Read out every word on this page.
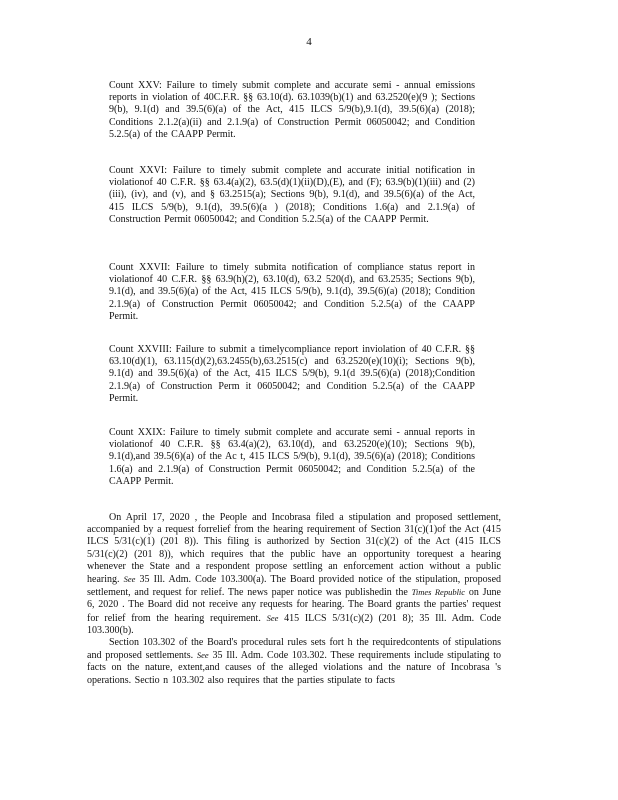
4
Count XXV: Failure to timely submit complete and accurate semi - annual emissions reports in violation of 40C.F.R. §§ 63.10(d). 63.1039(b)(1) and 63.2520(e)(9 ); Sections 9(b), 9.1(d) and 39.5(6)(a) of the Act, 415 ILCS 5/9(b),9.1(d), 39.5(6)(a) (2018); Conditions 2.1.2(a)(ii) and 2.1.9(a) of Construction Permit 06050042; and Condition 5.2.5(a) of the CAAPP Permit.
Count XXVI: Failure to timely submit complete and accurate initial notification in violationof 40 C.F.R. §§ 63.4(a)(2), 63.5(d)(1)(ii)(D),(E), and (F); 63.9(b)(1)(iii) and (2)(iii), (iv), and (v), and § 63.2515(a); Sections 9(b), 9.1(d), and 39.5(6)(a) of the Act, 415 ILCS 5/9(b), 9.1(d), 39.5(6)(a ) (2018); Conditions 1.6(a) and 2.1.9(a) of Construction Permit 06050042; and Condition 5.2.5(a) of the CAAPP Permit.
Count XXVII: Failure to timely submita notification of compliance status report in violationof 40 C.F.R. §§ 63.9(h)(2), 63.10(d), 63.2 520(d), and 63.2535; Sections 9(b), 9.1(d), and 39.5(6)(a) of the Act, 415 ILCS 5/9(b), 9.1(d), 39.5(6)(a) (2018); Condition 2.1.9(a) of Construction Permit 06050042; and Condition 5.2.5(a) of the CAAPP Permit.
Count XXVIII: Failure to submit a timelycompliance report inviolation of 40 C.F.R. §§ 63.10(d)(1), 63.115(d)(2),63.2455(b),63.2515(c) and 63.2520(e)(10)(i); Sections 9(b), 9.1(d) and 39.5(6)(a) of the Act, 415 ILCS 5/9(b), 9.1(d 39.5(6)(a) (2018);Condition 2.1.9(a) of Construction Perm it 06050042; and Condition 5.2.5(a) of the CAAPP Permit.
Count XXIX: Failure to timely submit complete and accurate semi - annual reports in violationof 40 C.F.R. §§ 63.4(a)(2), 63.10(d), and 63.2520(e)(10); Sections 9(b), 9.1(d),and 39.5(6)(a) of the Ac t, 415 ILCS 5/9(b), 9.1(d), 39.5(6)(a) (2018); Conditions 1.6(a) and 2.1.9(a) of Construction Permit 06050042; and Condition 5.2.5(a) of the CAAPP Permit.
On April 17, 2020 , the People and Incobrasa filed a stipulation and proposed settlement, accompanied by a request forrelief from the hearing requirement of Section 31(c)(1)of the Act (415 ILCS 5/31(c)(1) (201 8)). This filing is authorized by Section 31(c)(2) of the Act (415 ILCS 5/31(c)(2) (201 8)), which requires that the public have an opportunity torequest a hearing whenever the State and a respondent propose settling an enforcement action without a public hearing. See 35 Ill. Adm. Code 103.300(a). The Board provided notice of the stipulation, proposed settlement, and request for relief. The news paper notice was publishedin the Times Republic on June 6, 2020 . The Board did not receive any requests for hearing. The Board grants the parties' request for relief from the hearing requirement. See 415 ILCS 5/31(c)(2) (201 8); 35 Ill. Adm. Code 103.300(b).
Section 103.302 of the Board's procedural rules sets fort h the requiredcontents of stipulations and proposed settlements. See 35 Ill. Adm. Code 103.302. These requirements include stipulating to facts on the nature, extent,and causes of the alleged violations and the nature of Incobrasa 's operations. Sectio n 103.302 also requires that the parties stipulate to facts
